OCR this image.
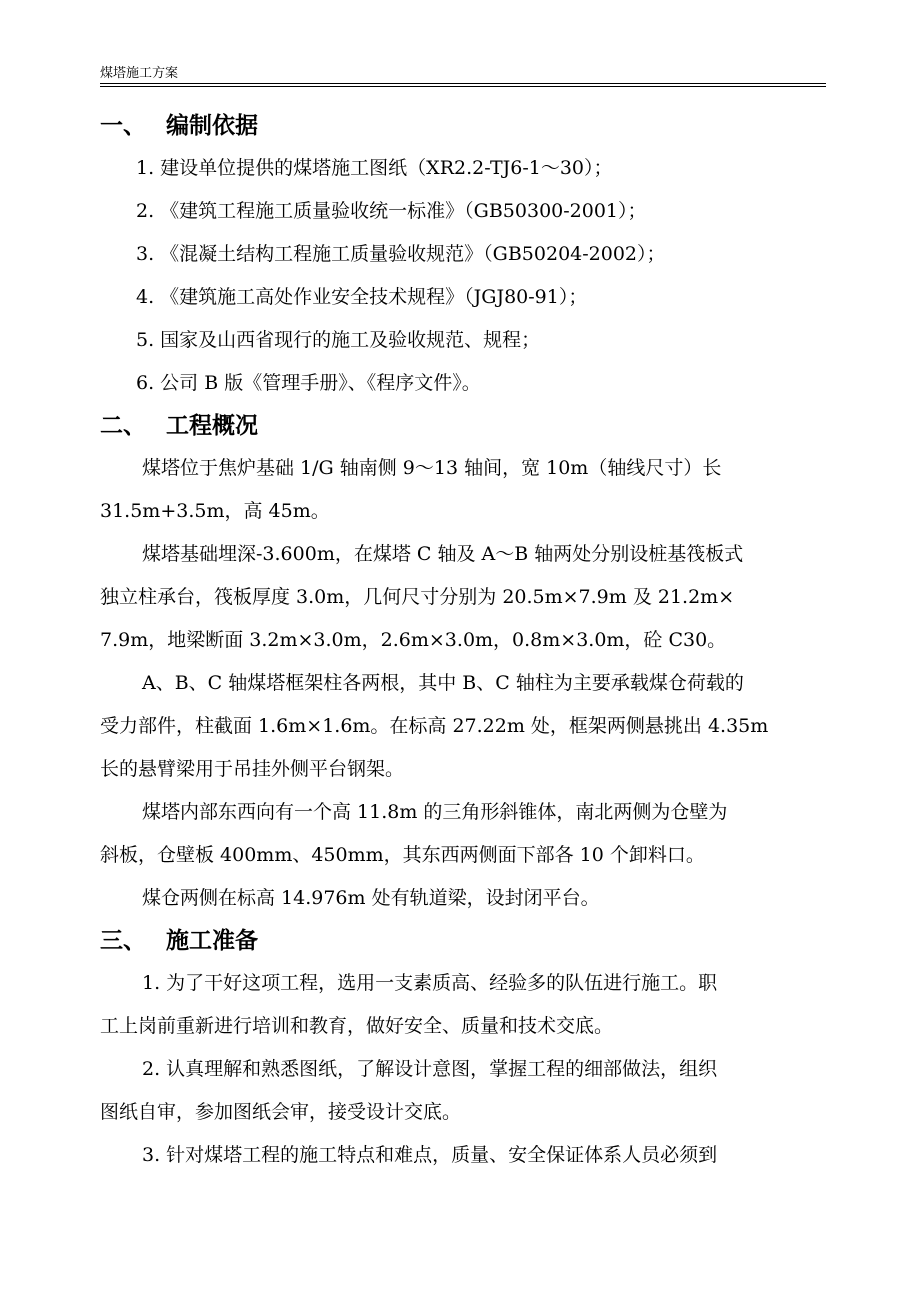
煤塔施工方案
一、 编制依据
1. 建设单位提供的煤塔施工图纸（XR2.2-TJ6-1～30）；
2. 《建筑工程施工质量验收统一标准》（GB50300-2001）；
3. 《混凝土结构工程施工质量验收规范》（GB50204-2002）；
4. 《建筑施工高处作业安全技术规程》（JGJ80-91）；
5. 国家及山西省现行的施工及验收规范、规程；
6. 公司 B 版《管理手册》、《程序文件》。
二、 工程概况
煤塔位于焦炉基础 1/G 轴南侧 9～13 轴间，宽 10m（轴线尺寸）长
31.5m+3.5m，高 45m。
煤塔基础埋深-3.600m，在煤塔 C 轴及 A～B 轴两处分别设桩基筏板式
独立柱承台，筏板厚度 3.0m，几何尺寸分别为 20.5m×7.9m 及 21.2m×
7.9m，地梁断面 3.2m×3.0m，2.6m×3.0m，0.8m×3.0m，砼 C30。
A、B、C 轴煤塔框架柱各两根，其中 B、C 轴柱为主要承载煤仓荷载的
受力部件，柱截面 1.6m×1.6m。在标高 27.22m 处，框架两侧悬挑出 4.35m
长的悬臂梁用于吊挂外侧平台钢架。
煤塔内部东西向有一个高 11.8m 的三角形斜锥体，南北两侧为仓壁为
斜板，仓壁板 400mm、450mm，其东西两侧面下部各 10 个卸料口。
煤仓两侧在标高 14.976m 处有轨道梁，设封闭平台。
三、 施工准备
1. 为了干好这项工程，选用一支素质高、经验多的队伍进行施工。职
工上岗前重新进行培训和教育，做好安全、质量和技术交底。
2. 认真理解和熟悉图纸，了解设计意图，掌握工程的细部做法，组织
图纸自审，参加图纸会审，接受设计交底。
3. 针对煤塔工程的施工特点和难点，质量、安全保证体系人员必须到
